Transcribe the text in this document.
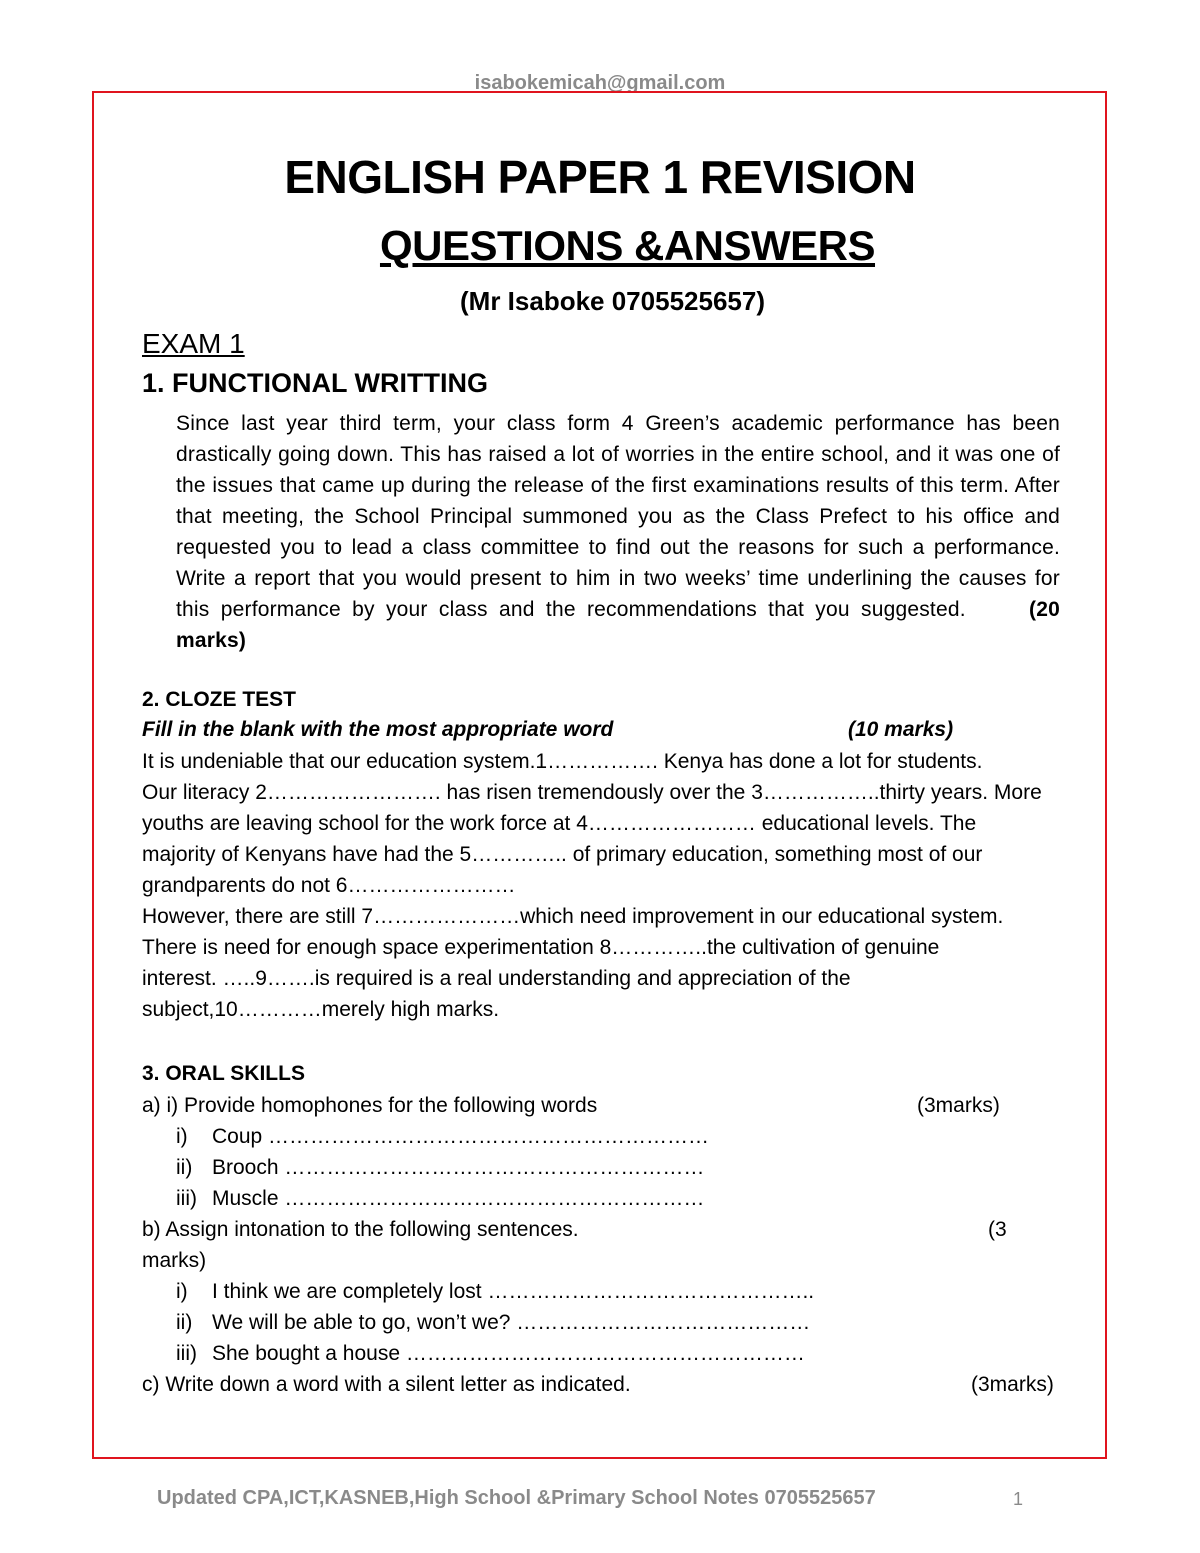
isabokemicah@gmail.com
ENGLISH PAPER 1 REVISION
QUESTIONS &ANSWERS
(Mr Isaboke 0705525657)
EXAM 1
1. FUNCTIONAL WRITTING
Since last year third term, your class form 4 Green’s academic performance has been drastically going down. This has raised a lot of worries in the entire school, and it was one of the issues that came up during the release of the first examinations results of this term. After that meeting, the School Principal summoned you as the Class Prefect to his office and requested you to lead a class committee to find out the reasons for such a performance. Write a report that you would present to him in two weeks’ time underlining the causes for this performance by your class and the recommendations that you suggested.	(20 marks)
2. CLOZE TEST
Fill in the blank with the most appropriate word	(10 marks)
It is undeniable that our education system.1……………. Kenya has done a lot for students.
Our literacy 2……………………. has risen tremendously over the 3……………..thirty years. More
youths are leaving school for the work force at 4…………………… educational levels. The
majority of Kenyans have had the 5………….. of primary education, something most of our
grandparents do not 6……………………
However, there are still 7…………………which need improvement in our educational system.
There is need for enough space experimentation 8…………..the cultivation of genuine
interest. …..9…….is required is a real understanding and appreciation of the
subject,10…………merely high marks.
3. ORAL SKILLS
a) i) Provide homophones for the following words	(3marks)
i)	Coup ………………………………………………………
ii) Brooch ……………………………………………………
iii) Muscle ……………………………………………………
b) Assign intonation to the following sentences.	(3
marks)
i)	I think we are completely lost ………………………………………..
ii) We will be able to go, won’t we? ……………………………………
iii) She bought a house …………………………………………………
c) Write down a word with a silent letter as indicated.	(3marks)
Updated CPA,ICT,KASNEB,High School &Primary School Notes 0705525657	1
